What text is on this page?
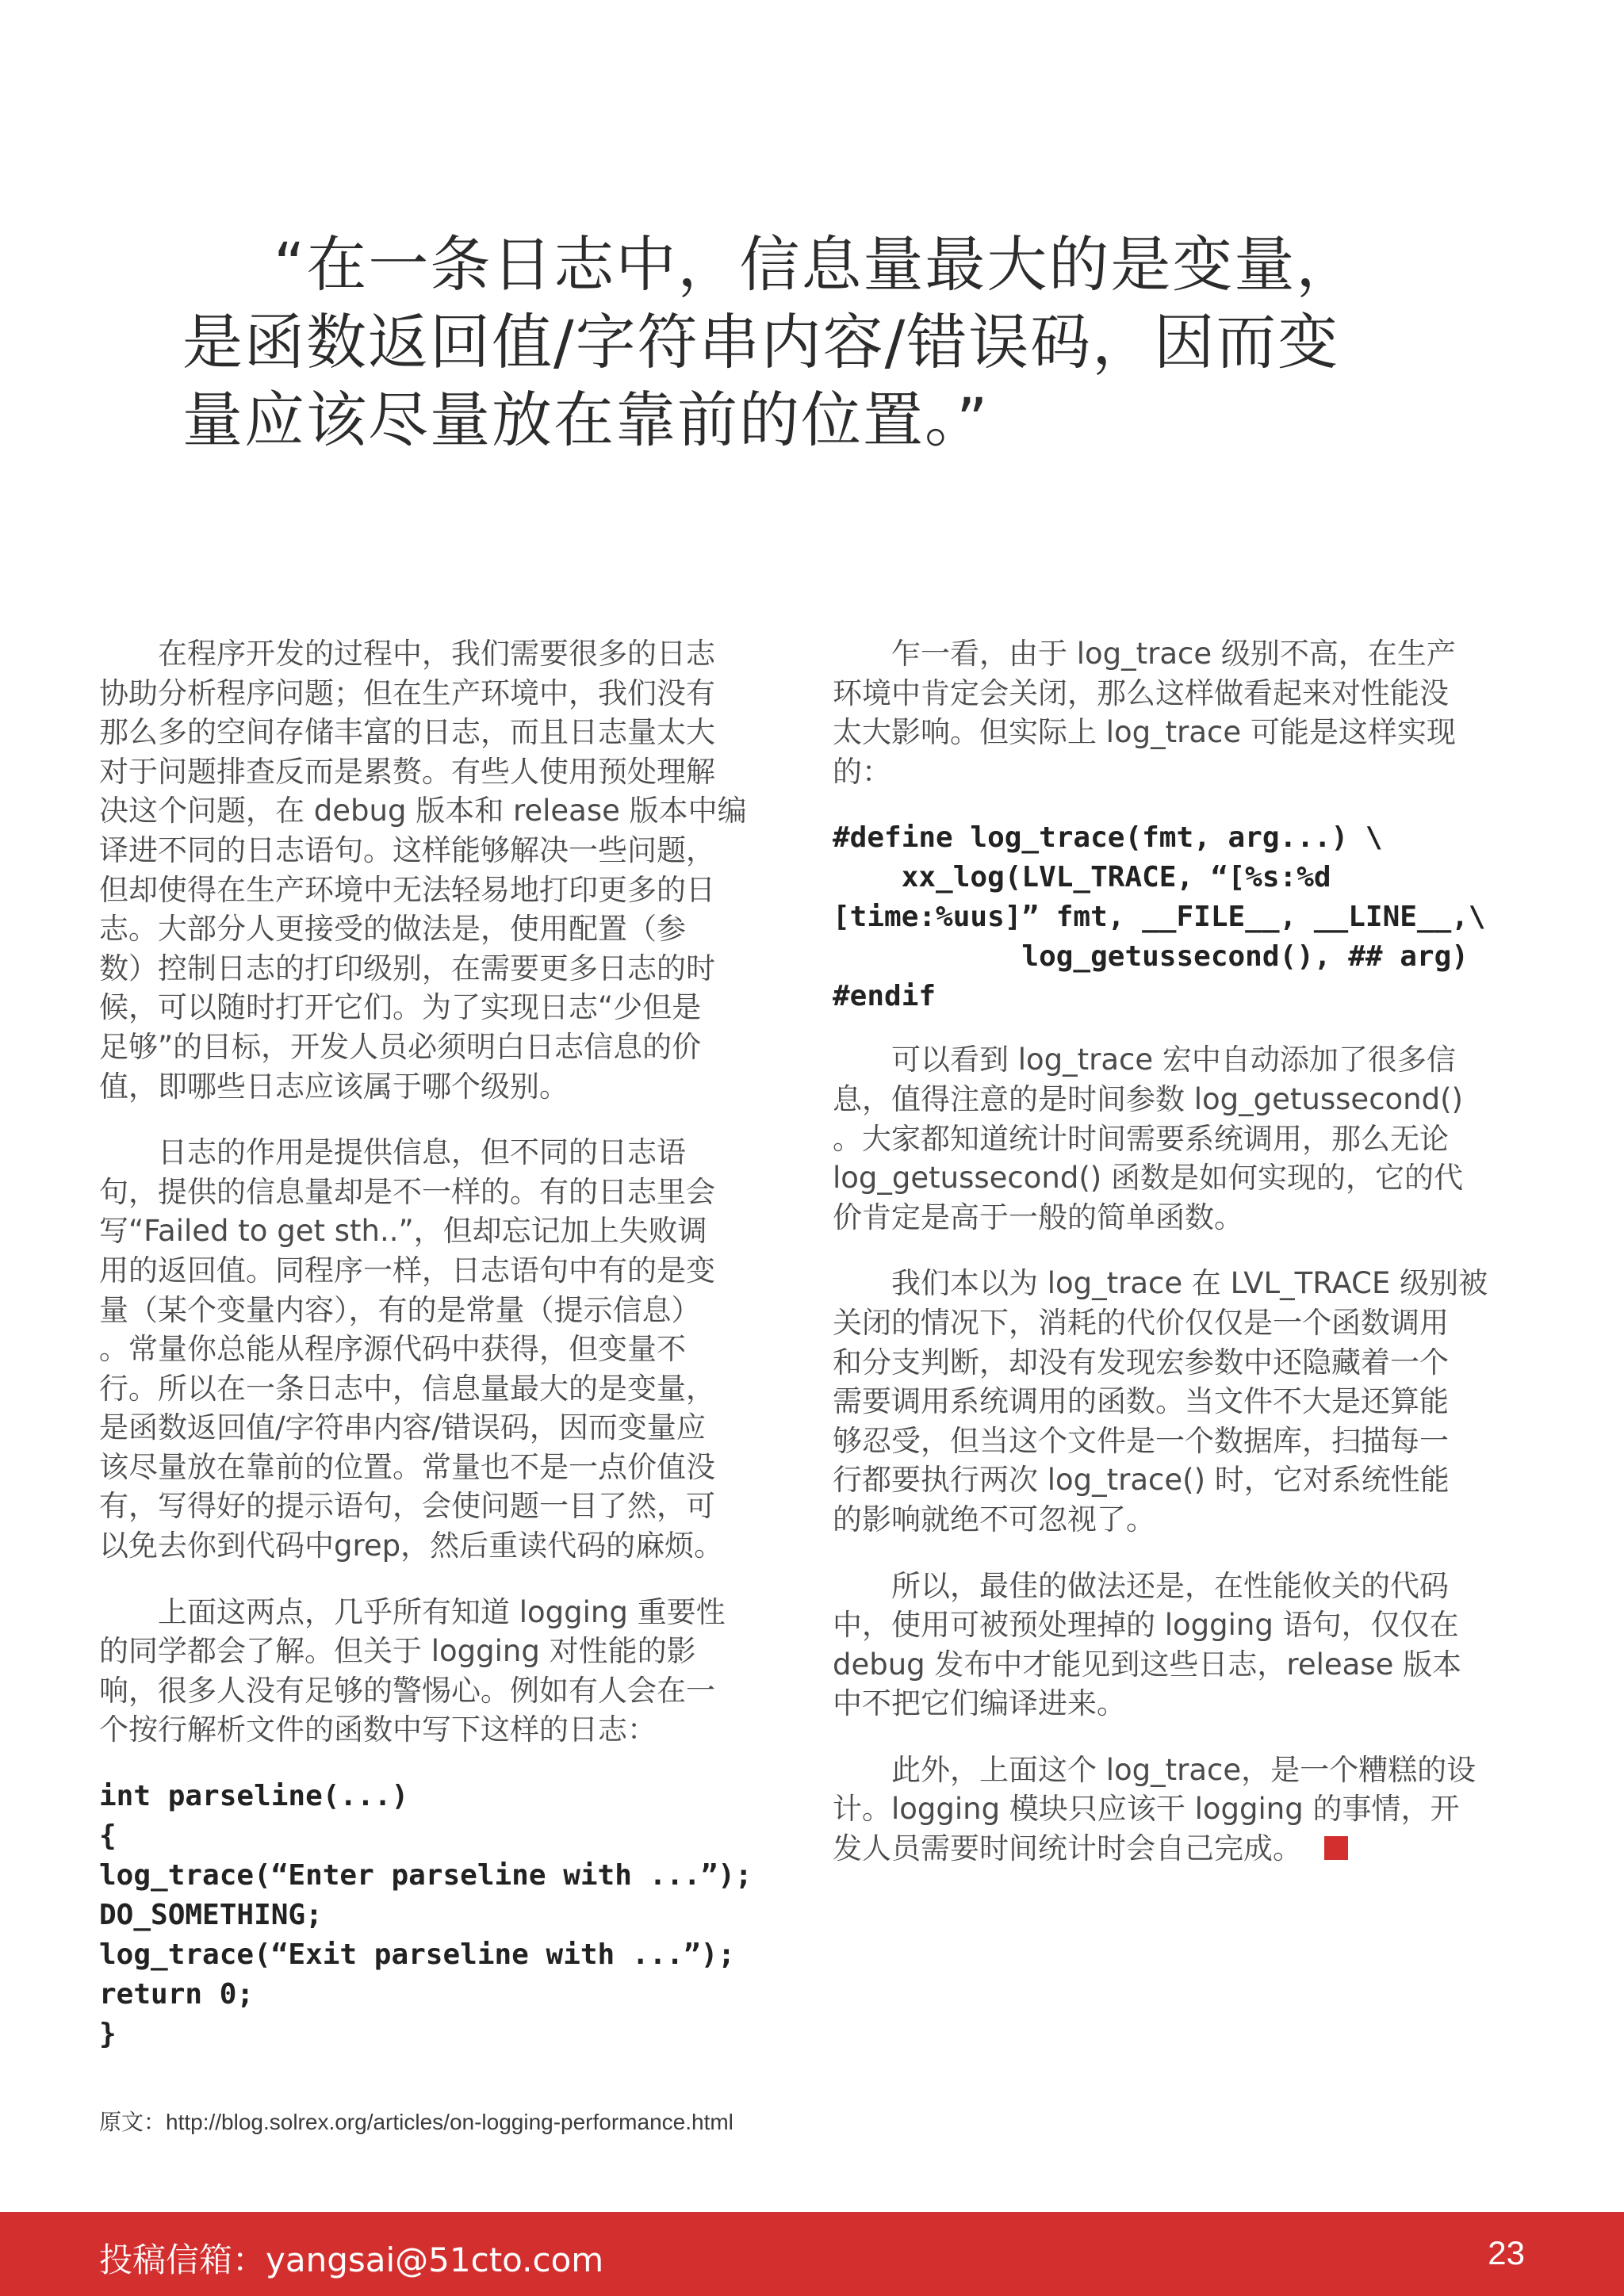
“在一条日志中，信息量最大的是变量，
是函数返回值/字符串内容/错误码，因而变
量应该尽量放在靠前的位置。”
在程序开发的过程中，我们需要很多的日志
协助分析程序问题；但在生产环境中，我们没有
那么多的空间存储丰富的日志，而且日志量太大
对于问题排查反而是累赘。有些人使用预处理解
决这个问题，在 debug 版本和 release 版本中编
译进不同的日志语句。这样能够解决一些问题，
但却使得在生产环境中无法轻易地打印更多的日
志。大部分人更接受的做法是，使用配置（参
数）控制日志的打印级别，在需要更多日志的时
候，可以随时打开它们。为了实现日志“少但是
足够”的目标，开发人员必须明白日志信息的价
值，即哪些日志应该属于哪个级别。
日志的作用是提供信息，但不同的日志语
句，提供的信息量却是不一样的。有的日志里会
写“Failed to get sth..”，但却忘记加上失败调
用的返回值。同程序一样，日志语句中有的是变
量（某个变量内容），有的是常量（提示信息）
。常量你总能从程序源代码中获得，但变量不
行。所以在一条日志中，信息量最大的是变量，
是函数返回值/字符串内容/错误码，因而变量应
该尽量放在靠前的位置。常量也不是一点价值没
有，写得好的提示语句，会使问题一目了然，可
以免去你到代码中grep，然后重读代码的麻烦。
上面这两点，几乎所有知道 logging 重要性
的同学都会了解。但关于 logging 对性能的影
响，很多人没有足够的警惕心。例如有人会在一
个按行解析文件的函数中写下这样的日志：
int parseline(...)
{
log_trace(“Enter parseline with ...”);
DO_SOMETHING;
log_trace(“Exit parseline with ...”);
return 0;
}
乍一看，由于 log_trace 级别不高，在生产
环境中肯定会关闭，那么这样做看起来对性能没
太大影响。但实际上 log_trace 可能是这样实现
的：
#define log_trace(fmt, arg...) \
xx_log(LVL_TRACE, “[%s:%d
[time:%uus]” fmt, __FILE__, __LINE__,\
log_getussecond(), ## arg)
#endif
可以看到 log_trace 宏中自动添加了很多信
息，值得注意的是时间参数 log_getussecond()
。大家都知道统计时间需要系统调用，那么无论
log_getussecond() 函数是如何实现的，它的代
价肯定是高于一般的简单函数。
我们本以为 log_trace 在 LVL_TRACE 级别被
关闭的情况下，消耗的代价仅仅是一个函数调用
和分支判断，却没有发现宏参数中还隐藏着一个
需要调用系统调用的函数。当文件不大是还算能
够忍受，但当这个文件是一个数据库，扫描每一
行都要执行两次 log_trace() 时，它对系统性能
的影响就绝不可忽视了。
所以，最佳的做法还是，在性能攸关的代码
中，使用可被预处理掉的 logging 语句，仅仅在
debug 发布中才能见到这些日志，release 版本
中不把它们编译进来。
此外，上面这个 log_trace，是一个糟糕的设
计。logging 模块只应该干 logging 的事情，开
发人员需要时间统计时会自己完成。
原文：http://blog.solrex.org/articles/on-logging-performance.html
投稿信箱：yangsai@51cto.com	23
